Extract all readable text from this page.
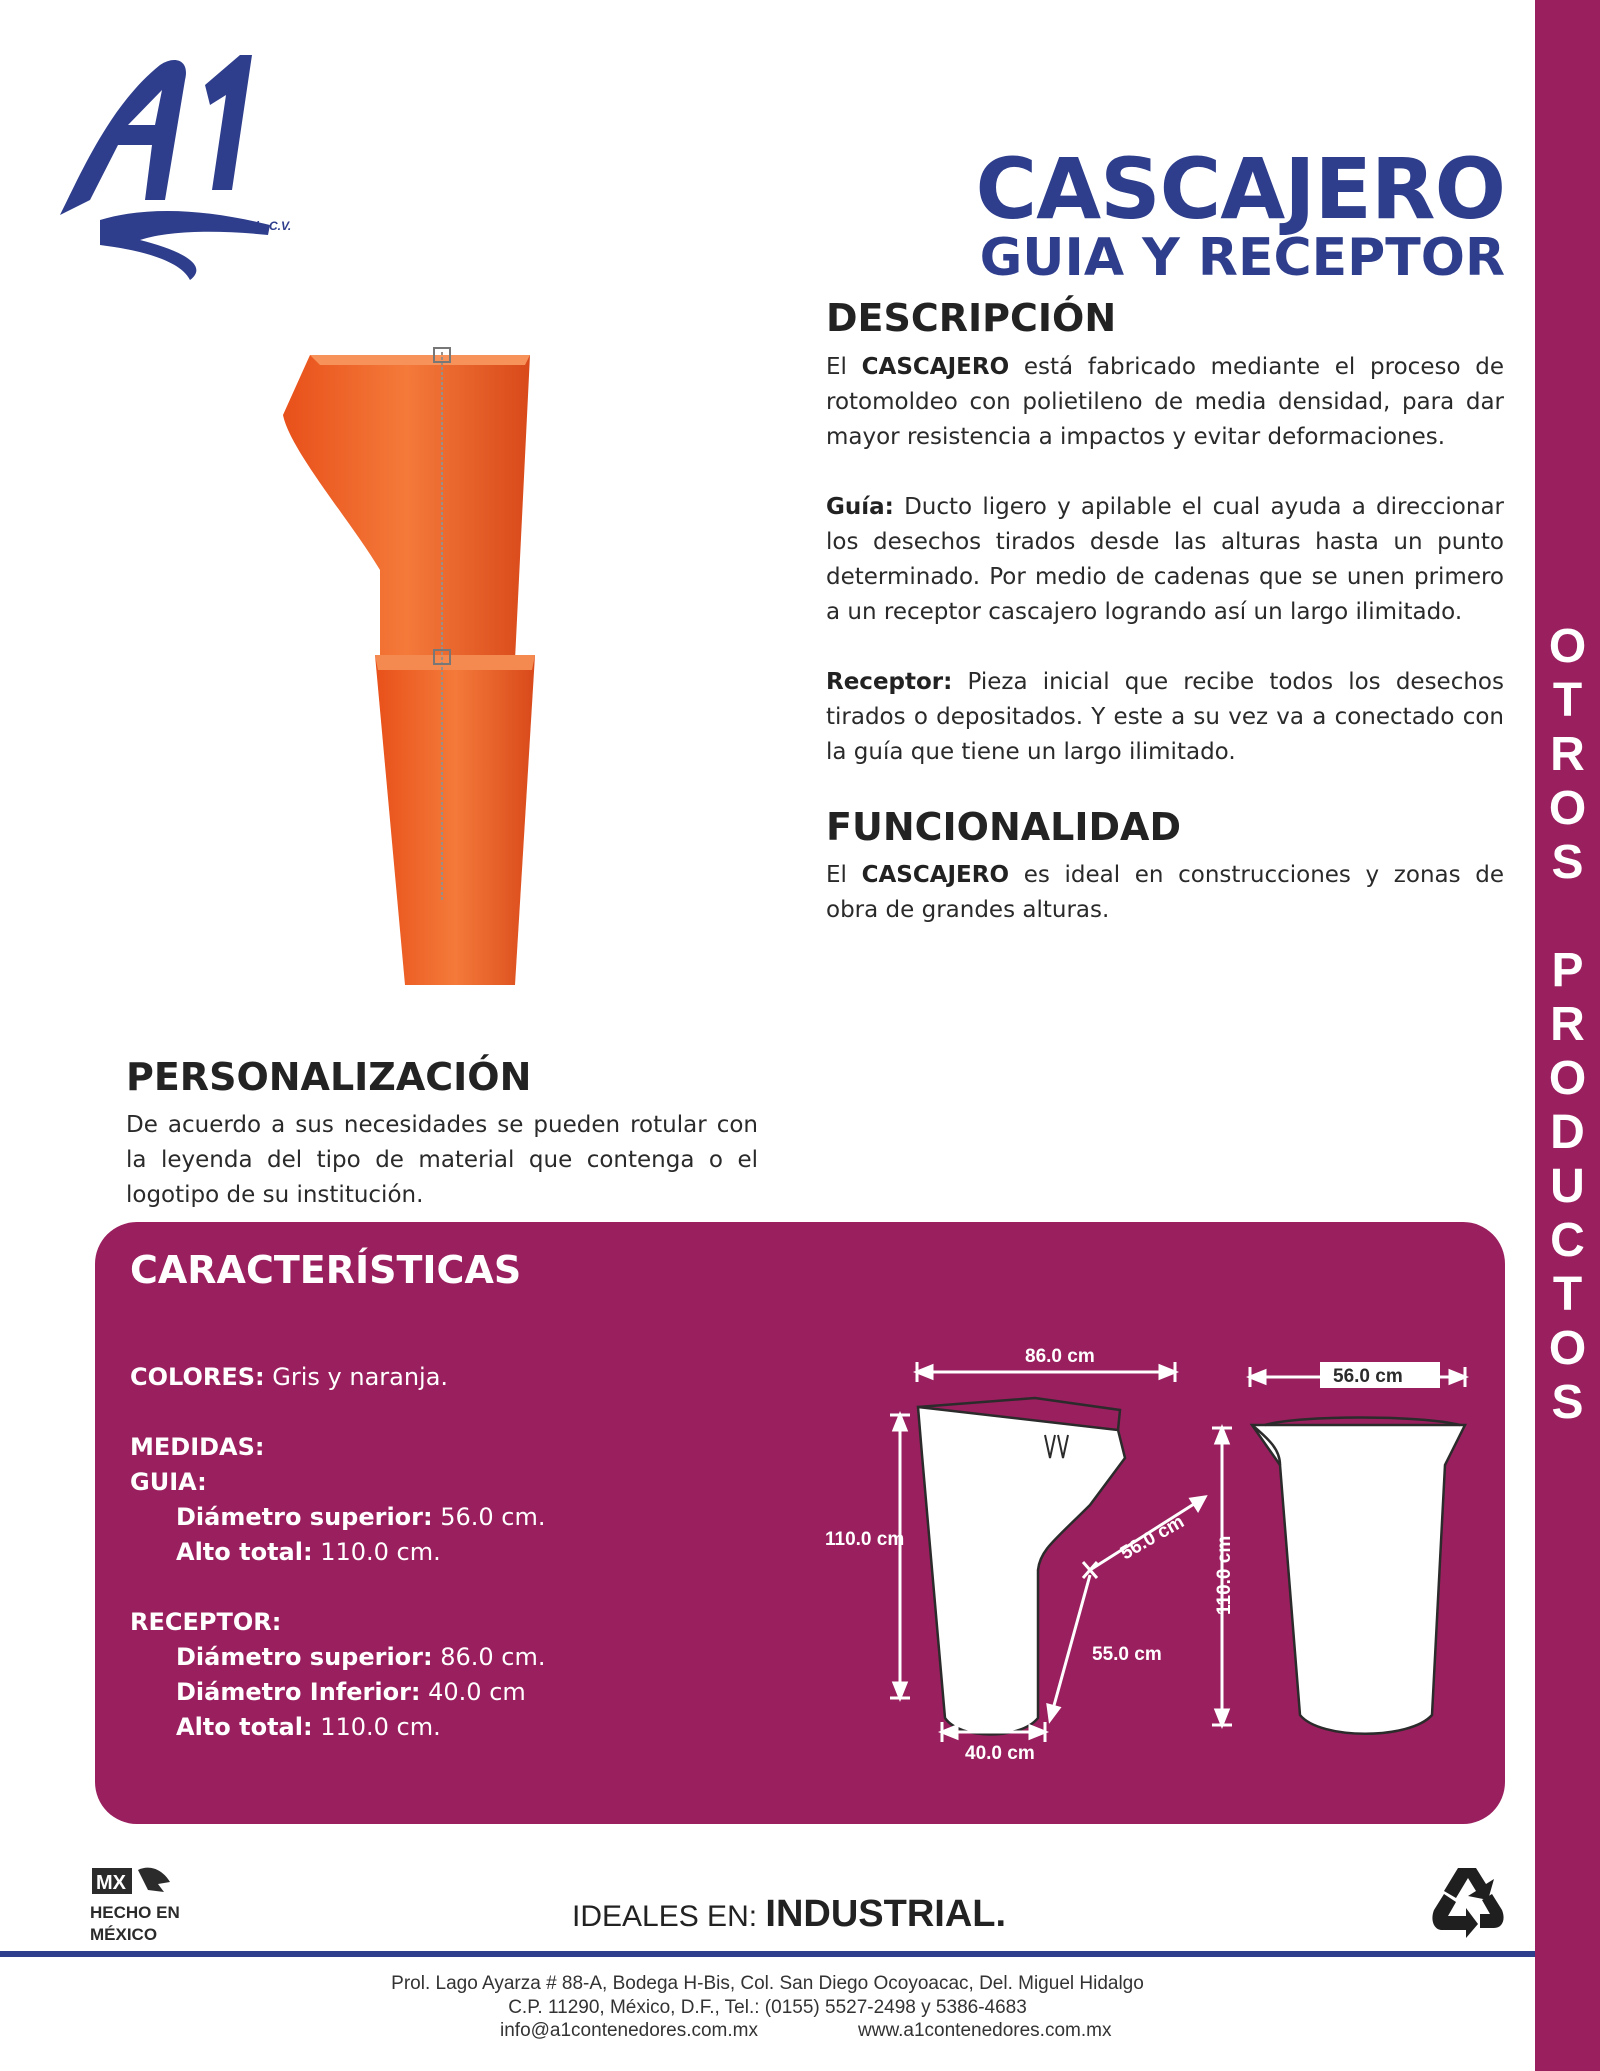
O
T
R
O
S
P
R
O
D
U
C
T
O
S
S.A. de C.V.	CASCAJERO
GUIA Y RECEPTOR
DESCRIPCIÓN
El CASCAJERO está fabricado mediante el proceso de rotomoldeo con polietileno de media densidad, para dar mayor resistencia a impactos y evitar deformaciones.
Guía: Ducto ligero y apilable el cual ayuda a direccionar los desechos tirados desde las alturas hasta un punto determinado. Por medio de cadenas que se unen primero a un receptor cascajero logrando así un largo ilimitado.
Receptor: Pieza inicial que recibe todos los desechos tirados o depositados. Y este a su vez va a conectado con la guía que tiene un largo ilimitado.
FUNCIONALIDAD
El CASCAJERO es ideal en construcciones y zonas de obra de grandes alturas.
PERSONALIZACIÓN
De acuerdo a sus necesidades se pueden rotular con la leyenda del tipo de material que contenga o el logotipo de su institución.
CARACTERÍSTICAS
COLORES: Gris y naranja.
MEDIDAS:
GUIA:
Diámetro superior: 56.0 cm.
Alto total: 110.0 cm.
RECEPTOR:
Diámetro superior: 86.0 cm.
Diámetro Inferior: 40.0 cm
Alto total: 110.0 cm.
86.0 cm
110.0 cm	56.0 cm
55.0 cm
40.0 cm
56.0 cm
110.0 cm
MX
HECHO EN
MÉXICO
IDEALES EN: INDUSTRIAL.
Prol. Lago Ayarza # 88-A, Bodega H-Bis, Col. San Diego Ocoyoacac, Del. Miguel Hidalgo
C.P. 11290, México, D.F., Tel.: (0155) 5527-2498 y 5386-4683
info@a1contenedores.com.mx	www.a1contenedores.com.mx
